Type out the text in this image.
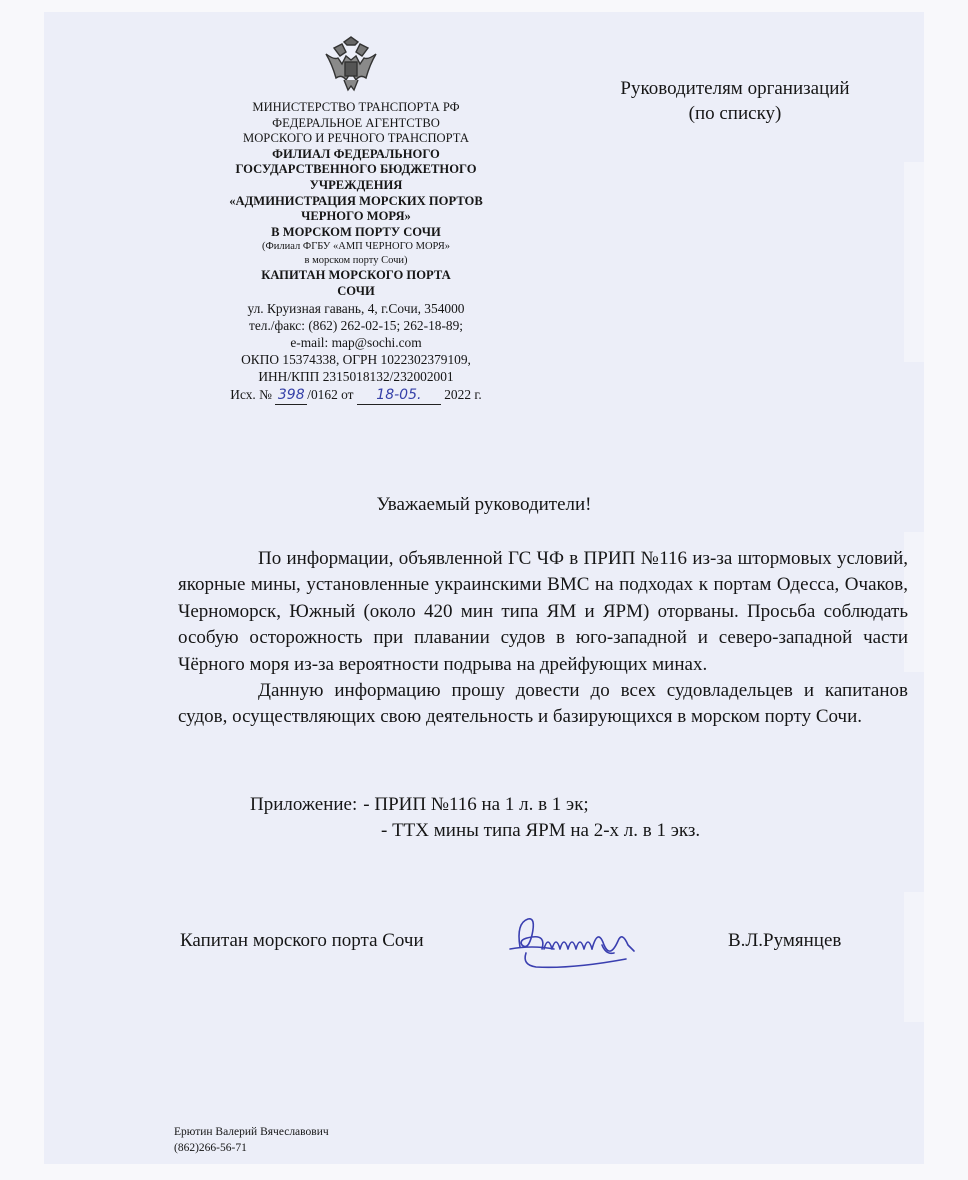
МИНИСТЕРСТВО ТРАНСПОРТА РФ
ФЕДЕРАЛЬНОЕ АГЕНТСТВО
МОРСКОГО И РЕЧНОГО ТРАНСПОРТА
ФИЛИАЛ ФЕДЕРАЛЬНОГО
ГОСУДАРСТВЕННОГО БЮДЖЕТНОГО
УЧРЕЖДЕНИЯ
«АДМИНИСТРАЦИЯ МОРСКИХ ПОРТОВ
ЧЕРНОГО МОРЯ»
В МОРСКОМ ПОРТУ СОЧИ
(Филиал ФГБУ «АМП ЧЕРНОГО МОРЯ»
в морском порту Сочи)
КАПИТАН МОРСКОГО ПОРТА
СОЧИ
ул. Круизная гавань, 4, г.Сочи, 354000
тел./факс: (862) 262-02-15; 262-18-89;
e-mail: map@sochi.com
ОКПО 15374338, ОГРН 1022302379109,
ИНН/КПП 2315018132/232002001
Исх. № 398 /0162 от 18-05. 2022 г.
Руководителям организаций
(по списку)
Уважаемый руководители!

По информации, объявленной ГС ЧФ в ПРИП №116 из-за штормовых условий, якорные мины, установленные украинскими ВМС на подходах к портам Одесса, Очаков, Черноморск, Южный (около 420 мин типа ЯМ и ЯРМ) оторваны. Просьба соблюдать особую осторожность при плавании судов в юго-западной и северо-западной части Чёрного моря из-за вероятности подрыва на дрейфующих минах.

Данную информацию прошу довести до всех судовладельцев и капитанов судов, осуществляющих свою деятельность и базирующихся в морском порту Сочи.

Приложение: - ПРИП №116 на 1 л. в 1 эк;
- ТТХ мины типа ЯРМ на 2-х л. в 1 экз.
Капитан морского порта Сочи	В.Л.Румянцев
Ерютин Валерий Вячеславович
(862)266-56-71
